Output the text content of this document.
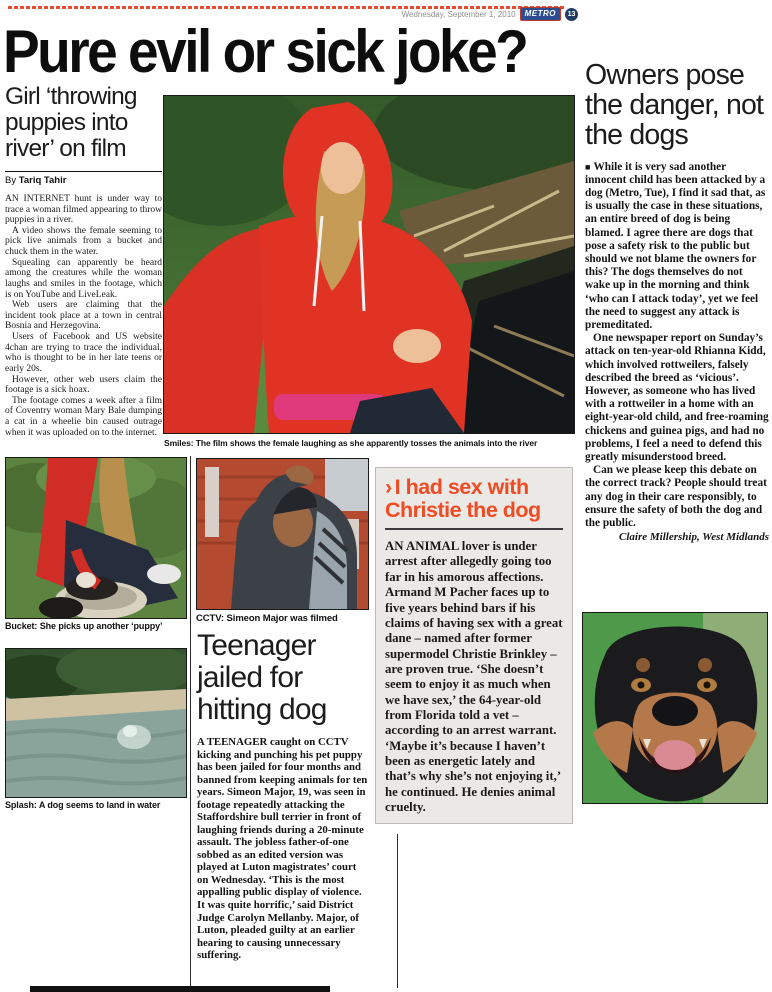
Wednesday, September 1, 2010	METRO	13
Pure evil or sick joke?
Girl ‘throwing puppies into river’ on film
By Tariq Tahir

AN INTERNET hunt is under way to trace a woman filmed appearing to throw puppies in a river.

A video shows the female seeming to pick live animals from a bucket and chuck them in the water.

Squealing can apparently be heard among the creatures while the woman laughs and smiles in the footage, which is on YouTube and LiveLeak.

Web users are claiming that the incident took place at a town in central Bosnia and Herzegovina.

Users of Facebook and US website 4chan are trying to trace the individual, who is thought to be in her late teens or early 20s.

However, other web users claim the footage is a sick hoax.

The footage comes a week after a film of Coventry woman Mary Bale dumping a cat in a wheelie bin caused outrage when it was uploaded on to the internet.

Smiles: The film shows the female laughing as she apparently tosses the animals into the river
Bucket: She picks up another ‘puppy’
Splash: A dog seems to land in water
CCTV: Simeon Major was filmed
Teenager jailed for hitting dog
A TEENAGER caught on CCTV kicking and punching his pet puppy has been jailed for four months and banned from keeping animals for ten years. Simeon Major, 19, was seen in footage repeatedly attacking the Staffordshire bull terrier in front of laughing friends during a 20-minute assault. The jobless father-of-one sobbed as an edited version was played at Luton magistrates’ court on Wednesday. ‘This is the most appalling public display of violence. It was quite horrific,’ said District Judge Carolyn Mellanby. Major, of Luton, pleaded guilty at an earlier hearing to causing unnecessary suffering.
› I had sex with Christie the dog
AN ANIMAL lover is under arrest after allegedly going too far in his amorous affections. Armand M Pacher faces up to five years behind bars if his claims of having sex with a great dane – named after former supermodel Christie Brinkley – are proven true. ‘She doesn’t seem to enjoy it as much when we have sex,’ the 64-year-old from Florida told a vet – according to an arrest warrant. ‘Maybe it’s because I haven’t been as energetic lately and that’s why she’s not enjoying it,’ he continued. He denies animal cruelty.
Owners pose the danger, not the dogs

■ While it is very sad another innocent child has been attacked by a dog (Metro, Tue), I find it sad that, as is usually the case in these situations, an entire breed of dog is being blamed. I agree there are dogs that pose a safety risk to the public but should we not blame the owners for this? The dogs themselves do not wake up in the morning and think ‘who can I attack today’, yet we feel the need to suggest any attack is premeditated.

One newspaper report on Sunday’s attack on ten-year-old Rhianna Kidd, which involved rottweilers, falsely described the breed as ‘vicious’. However, as someone who has lived with a rottweiler in a home with an eight-year-old child, and free-roaming chickens and guinea pigs, and had no problems, I feel a need to defend this greatly misunderstood breed.

Can we please keep this debate on the correct track? People should treat any dog in their care responsibly, to ensure the safety of both the dog and the public.

Claire Millership, West Midlands
